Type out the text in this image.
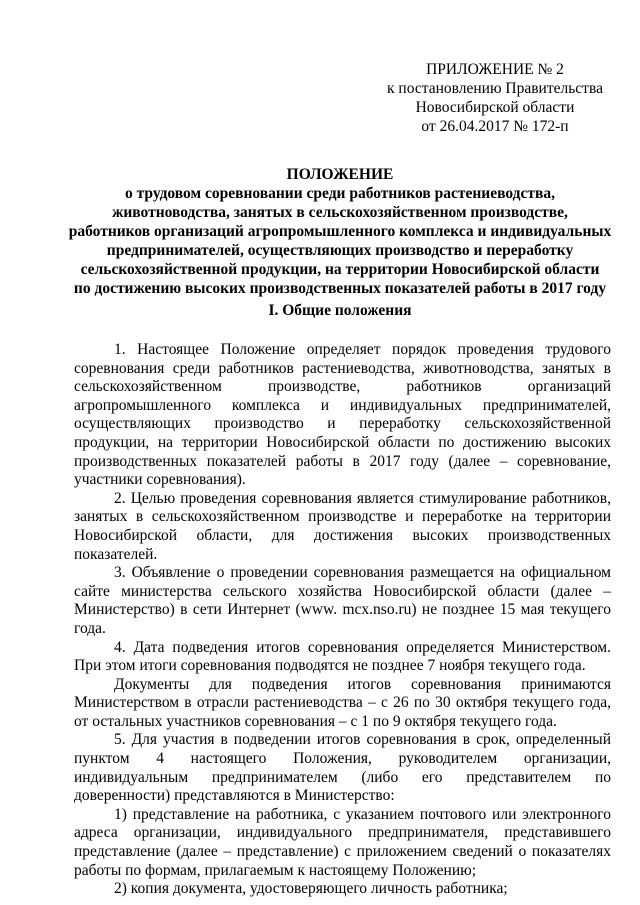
ПРИЛОЖЕНИЕ № 2
к постановлению Правительства
Новосибирской области
от 26.04.2017 № 172-п
ПОЛОЖЕНИЕ
о трудовом соревновании среди работников растениеводства,
животноводства, занятых в сельскохозяйственном производстве,
работников организаций агропромышленного комплекса и индивидуальных
предпринимателей, осуществляющих производство и переработку
сельскохозяйственной продукции, на территории Новосибирской области
по достижению высоких производственных показателей работы в 2017 году
I. Общие положения

1. Настоящее Положение определяет порядок проведения трудового соревнования среди работников растениеводства, животноводства, занятых в сельскохозяйственном производстве, работников организаций агропромышленного комплекса и индивидуальных предпринимателей, осуществляющих производство и переработку сельскохозяйственной продукции, на территории Новосибирской области по достижению высоких производственных показателей работы в 2017 году (далее – соревнование, участники соревнования).

2. Целью проведения соревнования является стимулирование работников, занятых в сельскохозяйственном производстве и переработке на территории Новосибирской области, для достижения высоких производственных показателей.

3. Объявление о проведении соревнования размещается на официальном сайте министерства сельского хозяйства Новосибирской области (далее – Министерство) в сети Интернет (www. mcx.nso.ru) не позднее 15 мая текущего года.

4. Дата подведения итогов соревнования определяется Министерством. При этом итоги соревнования подводятся не позднее 7 ноября текущего года.

Документы для подведения итогов соревнования принимаются Министерством в отрасли растениеводства – с 26 по 30 октября текущего года, от остальных участников соревнования – с 1 по 9 октября текущего года.

5. Для участия в подведении итогов соревнования в срок, определенный пунктом 4 настоящего Положения, руководителем организации, индивидуальным предпринимателем (либо его представителем по доверенности) представляются в Министерство:

1) представление на работника, с указанием почтового или электронного адреса организации, индивидуального предпринимателя, представившего представление (далее – представление) с приложением сведений о показателях работы по формам, прилагаемым к настоящему Положению;

2) копия документа, удостоверяющего личность работника;
